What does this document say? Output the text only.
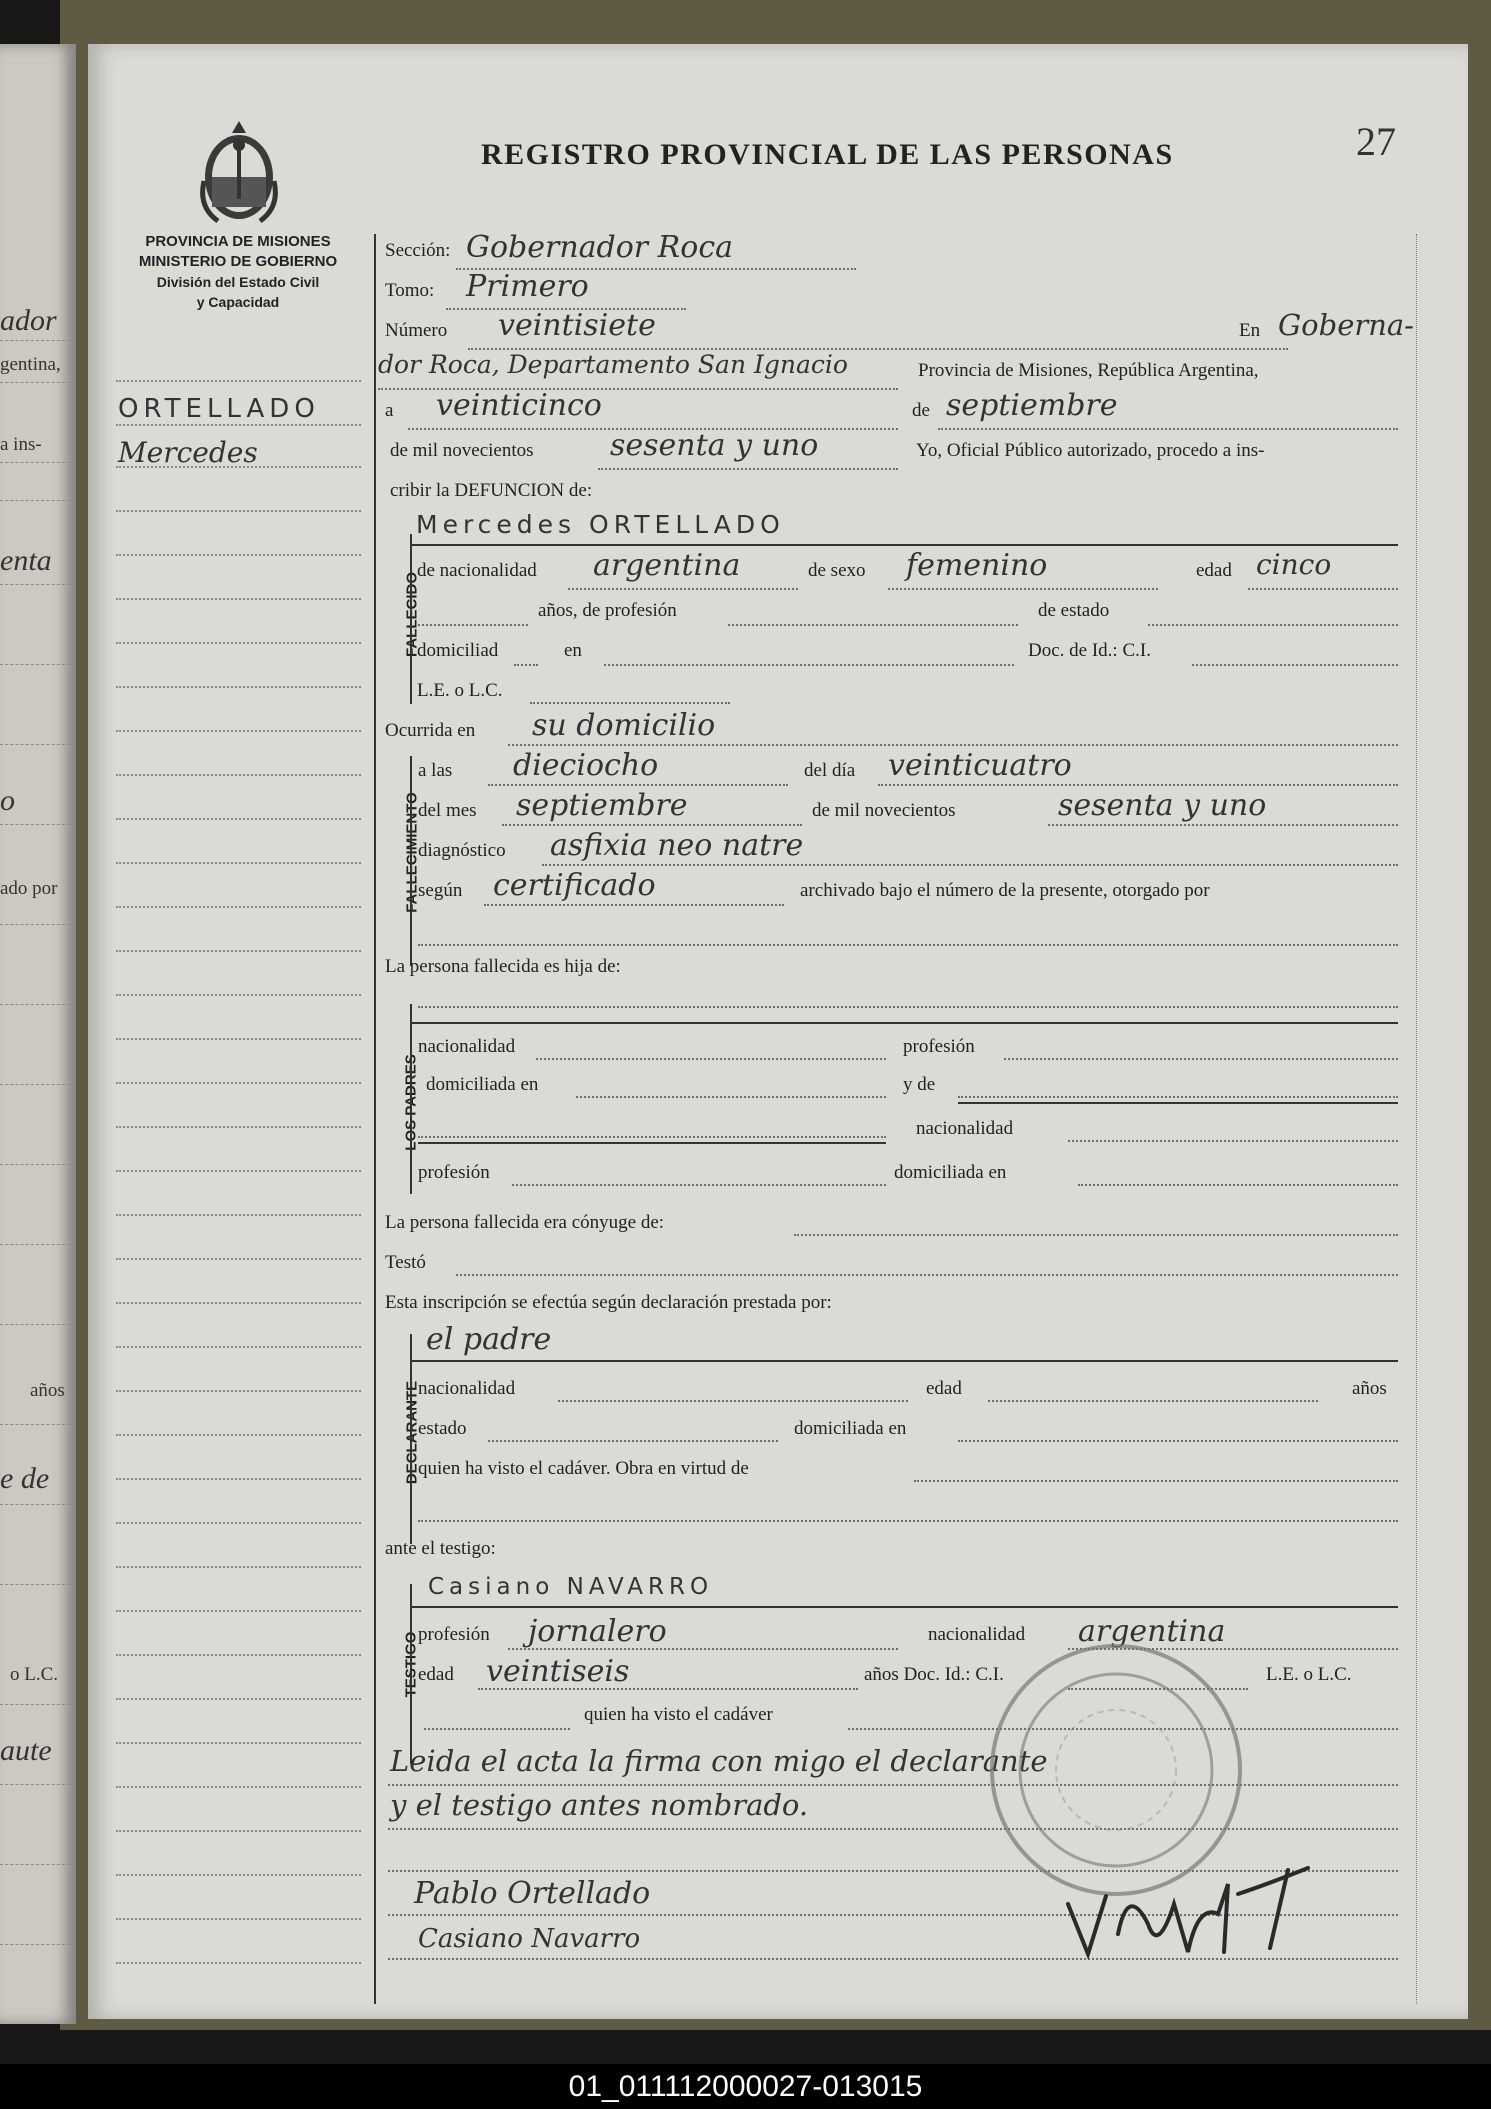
ador
gentina,
a ins-
enta
o
ado por
años
e de
o L.C.
aute
PROVINCIA DE MISIONES
MINISTERIO DE GOBIERNO
División del Estado Civil
y Capacidad
ORTELLADO
Mercedes
REGISTRO PROVINCIAL DE LAS PERSONAS	27
Sección: Gobernador Roca
Tomo: Primero
Número veintisiete	En Goberna-
dor Roca, Departamento San Ignacio	Provincia de Misiones, República Argentina,
a veinticinco	de septiembre
de mil novecientos	sesenta y uno	Yo, Oficial Público autorizado, procedo a ins-
cribir la DEFUNCION de:
FALLECIDO
Mercedes ORTELLADO
de nacionalidad argentina	de sexo femenino	edad cinco
años, de profesión	de estado
domiciliad	en	Doc. de Id.: C.I.
L.E. o L.C.
Ocurrida en su domicilio
FALLECIMIENTO
a las dieciocho	del día veinticuatro
del mes septiembre	de mil novecientos	sesenta y uno
diagnóstico asfixia neo natre
según certificado	archivado bajo el número de la presente, otorgado por
La persona fallecida es hija de:
LOS PADRES
nacionalidad	profesión
domiciliada en	y de
nacionalidad
profesión	domiciliada en
La persona fallecida era cónyuge de:
Testó
Esta inscripción se efectúa según declaración prestada por:
DECLARANTE
el padre
nacionalidad	edad	años
estado	domiciliada en
quien ha visto el cadáver. Obra en virtud de
ante el testigo:
TESTIGO
Casiano NAVARRO
profesión jornalero	nacionalidad argentina
edad veintiseis	años Doc. Id.: C.I.	L.E. o L.C.
quien ha visto el cadáver
Leida el acta la firma con migo el declarante
y el testigo antes nombrado.
Pablo Ortellado
Casiano Navarro
01_011112000027-013015
